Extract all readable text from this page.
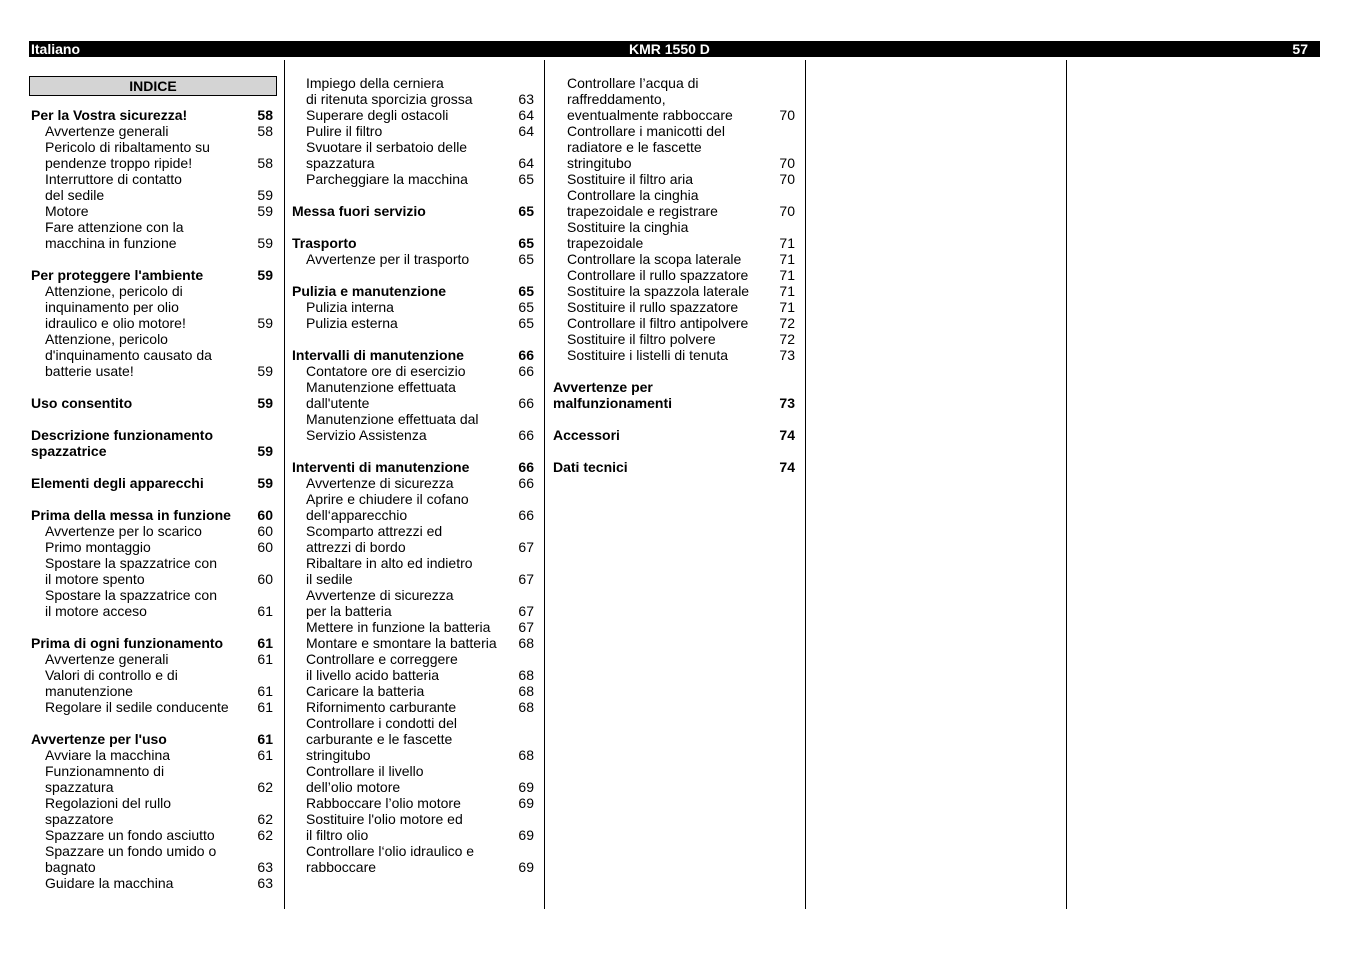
Italiano	KMR 1550 D	57
INDICE
Per la Vostra sicurezza!	58
Avvertenze generali	58
Pericolo di ribaltamento su
pendenze troppo ripide!	58
Interruttore di contatto
del sedile	59
Motore	59
Fare attenzione con la
macchina in funzione	59
Per proteggere l'ambiente	59
Attenzione, pericolo di
inquinamento per olio
idraulico e olio motore!	59
Attenzione, pericolo
d'inquinamento causato da
batterie usate!	59
Uso consentito	59
Descrizione funzionamento
spazzatrice	59
Elementi degli apparecchi	59
Prima della messa in funzione	60
Avvertenze per lo scarico	60
Primo montaggio	60
Spostare la spazzatrice con
il motore spento	60
Spostare la spazzatrice con
il motore acceso	61
Prima di ogni funzionamento	61
Avvertenze generali	61
Valori di controllo e di
manutenzione	61
Regolare il sedile conducente	61
Avvertenze per l'uso	61
Avviare la macchina	61
Funzionamnento di
spazzatura	62
Regolazioni del rullo
spazzatore	62
Spazzare un fondo asciutto	62
Spazzare un fondo umido o
bagnato	63
Guidare la macchina	63
Impiego della cerniera
di ritenuta sporcizia grossa	63
Superare degli ostacoli	64
Pulire il filtro	64
Svuotare il serbatoio delle
spazzatura	64
Parcheggiare la macchina	65
Messa fuori servizio	65
Trasporto	65
Avvertenze per il trasporto	65
Pulizia e manutenzione	65
Pulizia interna	65
Pulizia esterna	65
Intervalli di manutenzione	66
Contatore ore di esercizio	66
Manutenzione effettuata
dall'utente	66
Manutenzione effettuata dal
Servizio Assistenza	66
Interventi di manutenzione	66
Avvertenze di sicurezza	66
Aprire e chiudere il cofano
dell‘apparecchio	66
Scomparto attrezzi ed
attrezzi di bordo	67
Ribaltare in alto ed indietro
il sedile	67
Avvertenze di sicurezza
per la batteria	67
Mettere in funzione la batteria	67
Montare e smontare la batteria	68
Controllare e correggere
il livello acido batteria	68
Caricare la batteria	68
Rifornimento carburante	68
Controllare i condotti del
carburante e le fascette
stringitubo	68
Controllare il livello
dell’olio motore	69
Rabboccare l’olio motore	69
Sostituire l'olio motore ed
il filtro olio	69
Controllare l‘olio idraulico e
rabboccare	69
Controllare l’acqua di
raffreddamento,
eventualmente rabboccare	70
Controllare i manicotti del
radiatore e le fascette
stringitubo	70
Sostituire il filtro aria	70
Controllare la cinghia
trapezoidale e registrare	70
Sostituire la cinghia
trapezoidale	71
Controllare la scopa laterale	71
Controllare il rullo spazzatore	71
Sostituire la spazzola laterale	71
Sostituire il rullo spazzatore	71
Controllare il filtro antipolvere	72
Sostituire il filtro polvere	72
Sostituire i listelli di tenuta	73
Avvertenze per
malfunzionamenti	73
Accessori	74
Dati tecnici	74
